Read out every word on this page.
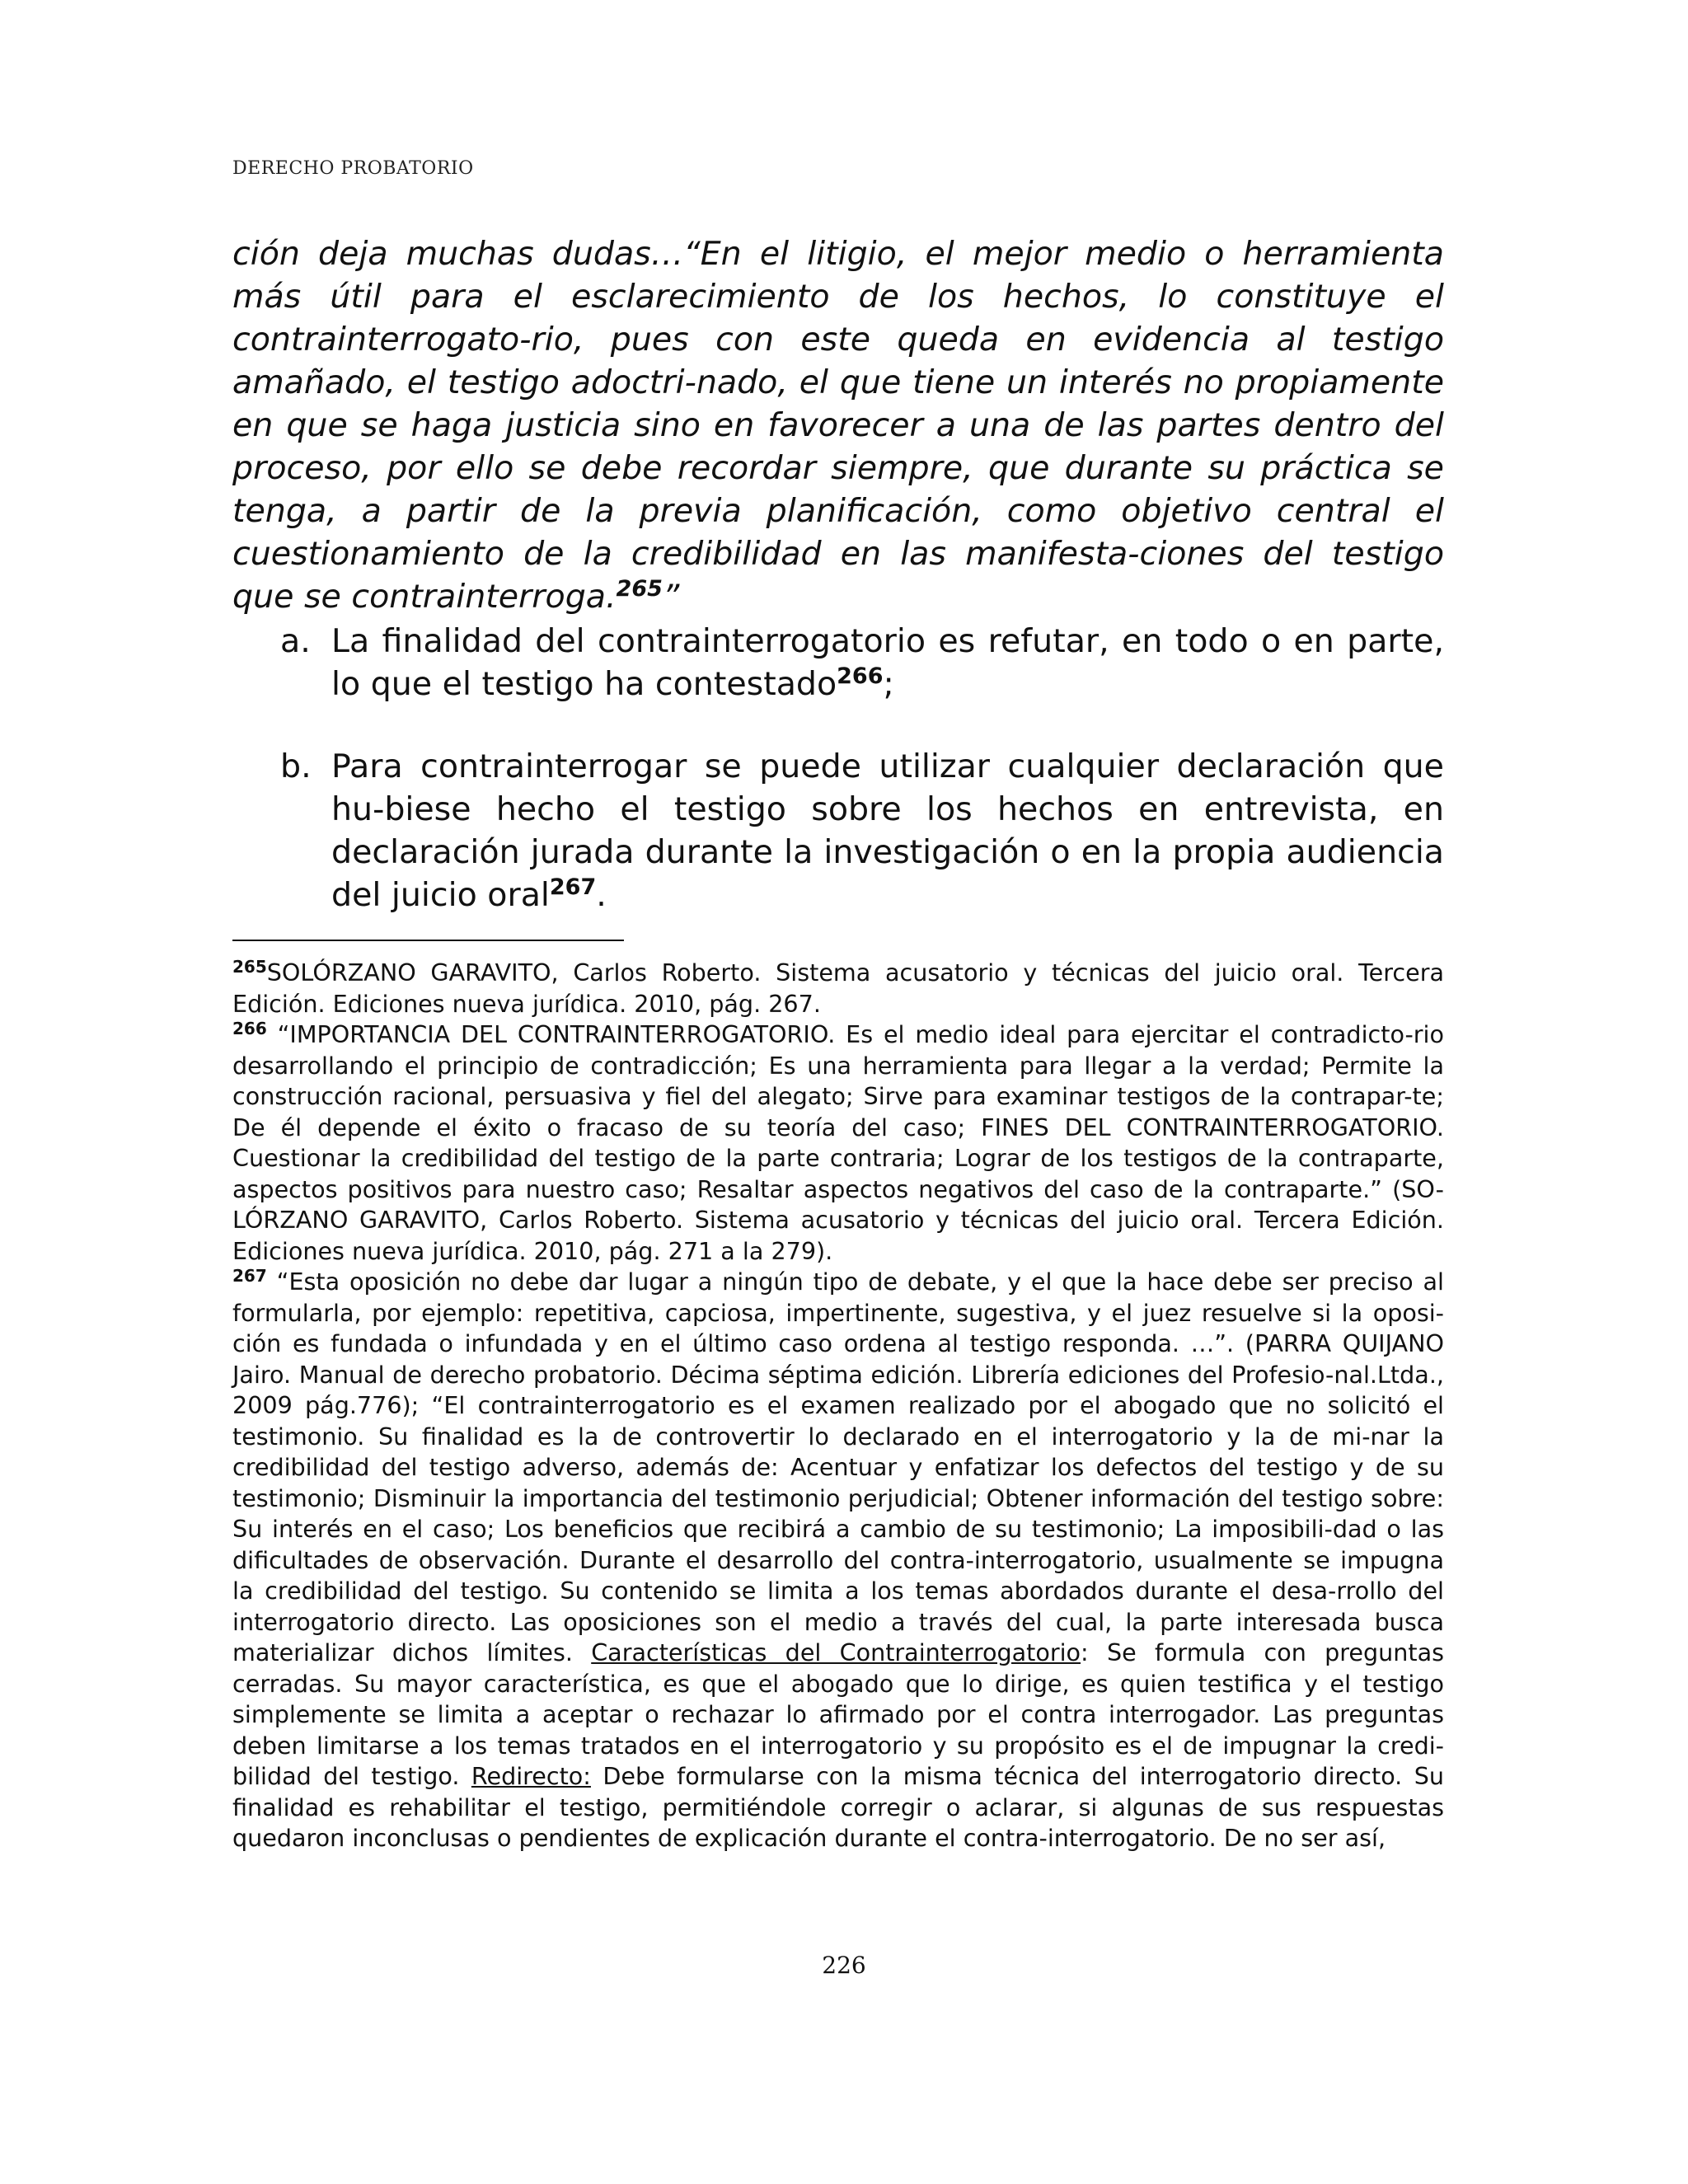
DERECHO PROBATORIO

ción deja muchas dudas…“En el litigio, el mejor medio o herramienta más útil para el esclarecimiento de los hechos, lo constituye el contrainterrogato-rio, pues con este queda en evidencia al testigo amañado, el testigo adoctri-nado, el que tiene un interés no propiamente en que se haga justicia sino en favorecer a una de las partes dentro del proceso, por ello se debe recordar siempre, que durante su práctica se tenga, a partir de la previa planificación, como objetivo central el cuestionamiento de la credibilidad en las manifesta-ciones del testigo que se contrainterroga.$^{265}$”

a. La finalidad del contrainterrogatorio es refutar, en todo o en parte, lo que el testigo ha contestado$^{266}$;
b. Para contrainterrogar se puede utilizar cualquier declaración que hu-biese hecho el testigo sobre los hechos en entrevista, en declaración jurada durante la investigación o en la propia audiencia del juicio oral$^{267}$.

$^{265}$SOLÓRZANO GARAVITO, Carlos Roberto. Sistema acusatorio y técnicas del juicio oral. Tercera Edición. Ediciones nueva jurídica. 2010, pág. 267.

$^{266}$ “IMPORTANCIA DEL CONTRAINTERROGATORIO. Es el medio ideal para ejercitar el contradicto-rio desarrollando el principio de contradicción; Es una herramienta para llegar a la verdad; Permite la construcción racional, persuasiva y fiel del alegato; Sirve para examinar testigos de la contrapar-te; De él depende el éxito o fracaso de su teoría del caso; FINES DEL CONTRAINTERROGATORIO. Cuestionar la credibilidad del testigo de la parte contraria; Lograr de los testigos de la contraparte, aspectos positivos para nuestro caso; Resaltar aspectos negativos del caso de la contraparte.” (SO-LÓRZANO GARAVITO, Carlos Roberto. Sistema acusatorio y técnicas del juicio oral. Tercera Edición. Ediciones nueva jurídica. 2010, pág. 271 a la 279).

$^{267}$ “Esta oposición no debe dar lugar a ningún tipo de debate, y el que la hace debe ser preciso al formularla, por ejemplo: repetitiva, capciosa, impertinente, sugestiva, y el juez resuelve si la oposi-ción es fundada o infundada y en el último caso ordena al testigo responda. …”. (PARRA QUIJANO Jairo. Manual de derecho probatorio. Décima séptima edición. Librería ediciones del Profesio-nal.Ltda., 2009 pág.776); “El contrainterrogatorio es el examen realizado por el abogado que no solicitó el testimonio. Su finalidad es la de controvertir lo declarado en el interrogatorio y la de mi-nar la credibilidad del testigo adverso, además de: Acentuar y enfatizar los defectos del testigo y de su testimonio; Disminuir la importancia del testimonio perjudicial; Obtener información del testigo sobre: Su interés en el caso; Los beneficios que recibirá a cambio de su testimonio; La imposibili-dad o las dificultades de observación. Durante el desarrollo del contra-interrogatorio, usualmente se impugna la credibilidad del testigo. Su contenido se limita a los temas abordados durante el desa-rrollo del interrogatorio directo. Las oposiciones son el medio a través del cual, la parte interesada busca materializar dichos límites. Características del Contrainterrogatorio: Se formula con preguntas cerradas. Su mayor característica, es que el abogado que lo dirige, es quien testifica y el testigo simplemente se limita a aceptar o rechazar lo afirmado por el contra interrogador. Las preguntas deben limitarse a los temas tratados en el interrogatorio y su propósito es el de impugnar la credi-bilidad del testigo. Redirecto: Debe formularse con la misma técnica del interrogatorio directo. Su finalidad es rehabilitar el testigo, permitiéndole corregir o aclarar, si algunas de sus respuestas quedaron inconclusas o pendientes de explicación durante el contra-interrogatorio. De no ser así,

226
